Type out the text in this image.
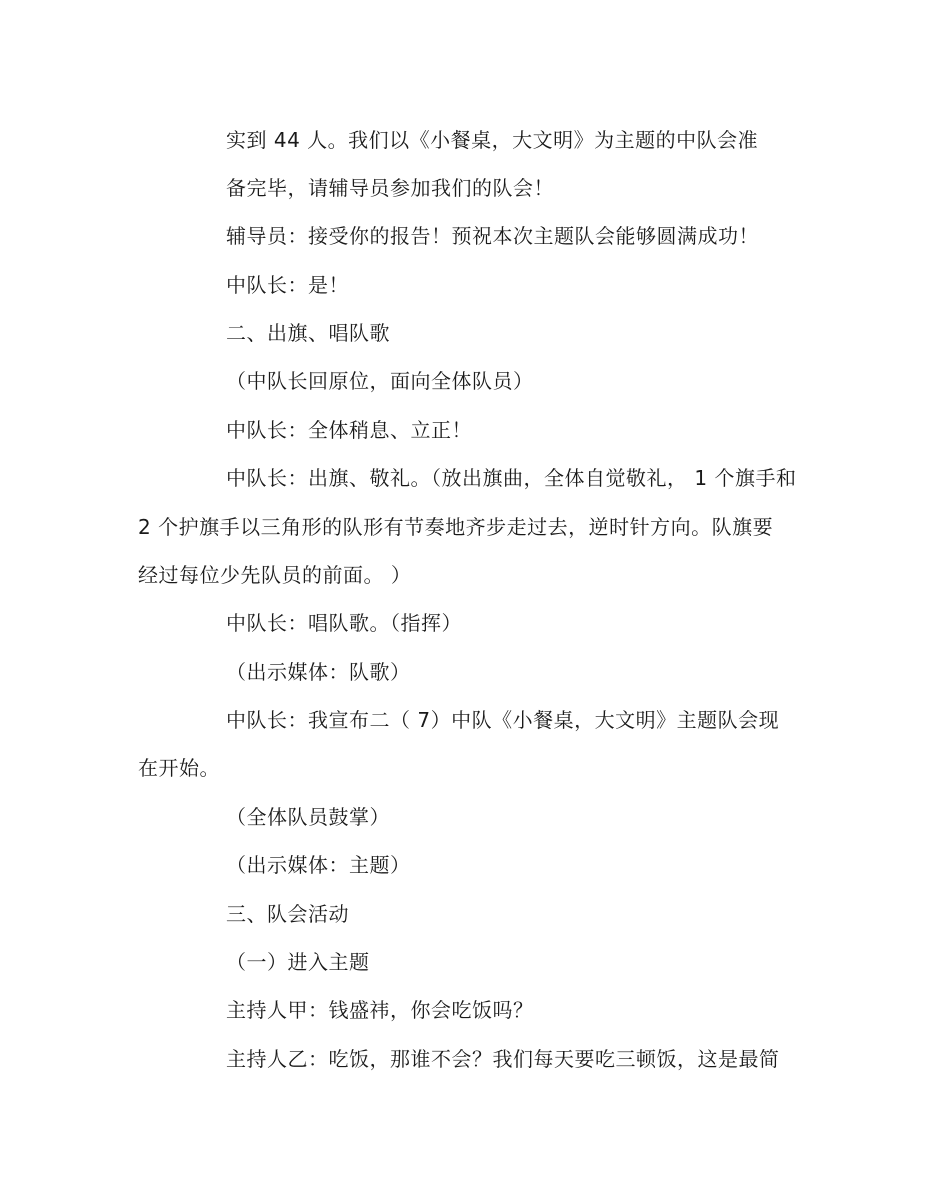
实到 44 人。我们以《小餐桌，大文明》为主题的中队会准
备完毕，请辅导员参加我们的队会！
辅导员：接受你的报告！预祝本次主题队会能够圆满成功！
中队长：是！
二、出旗、唱队歌
（中队长回原位，面向全体队员）
中队长：全体稍息、立正！
中队长：出旗、敬礼。（放出旗曲，全体自觉敬礼， 1 个旗手和
2 个护旗手以三角形的队形有节奏地齐步走过去，逆时针方向。队旗要
经过每位少先队员的前面。 ）
中队长：唱队歌。（指挥）
（出示媒体：队歌）
中队长：我宣布二（ 7）中队《小餐桌，大文明》主题队会现
在开始。
（全体队员鼓掌）
（出示媒体：主题）
三、队会活动
（一）进入主题
主持人甲：钱盛祎，你会吃饭吗？
主持人乙：吃饭，那谁不会？我们每天要吃三顿饭，这是最简
